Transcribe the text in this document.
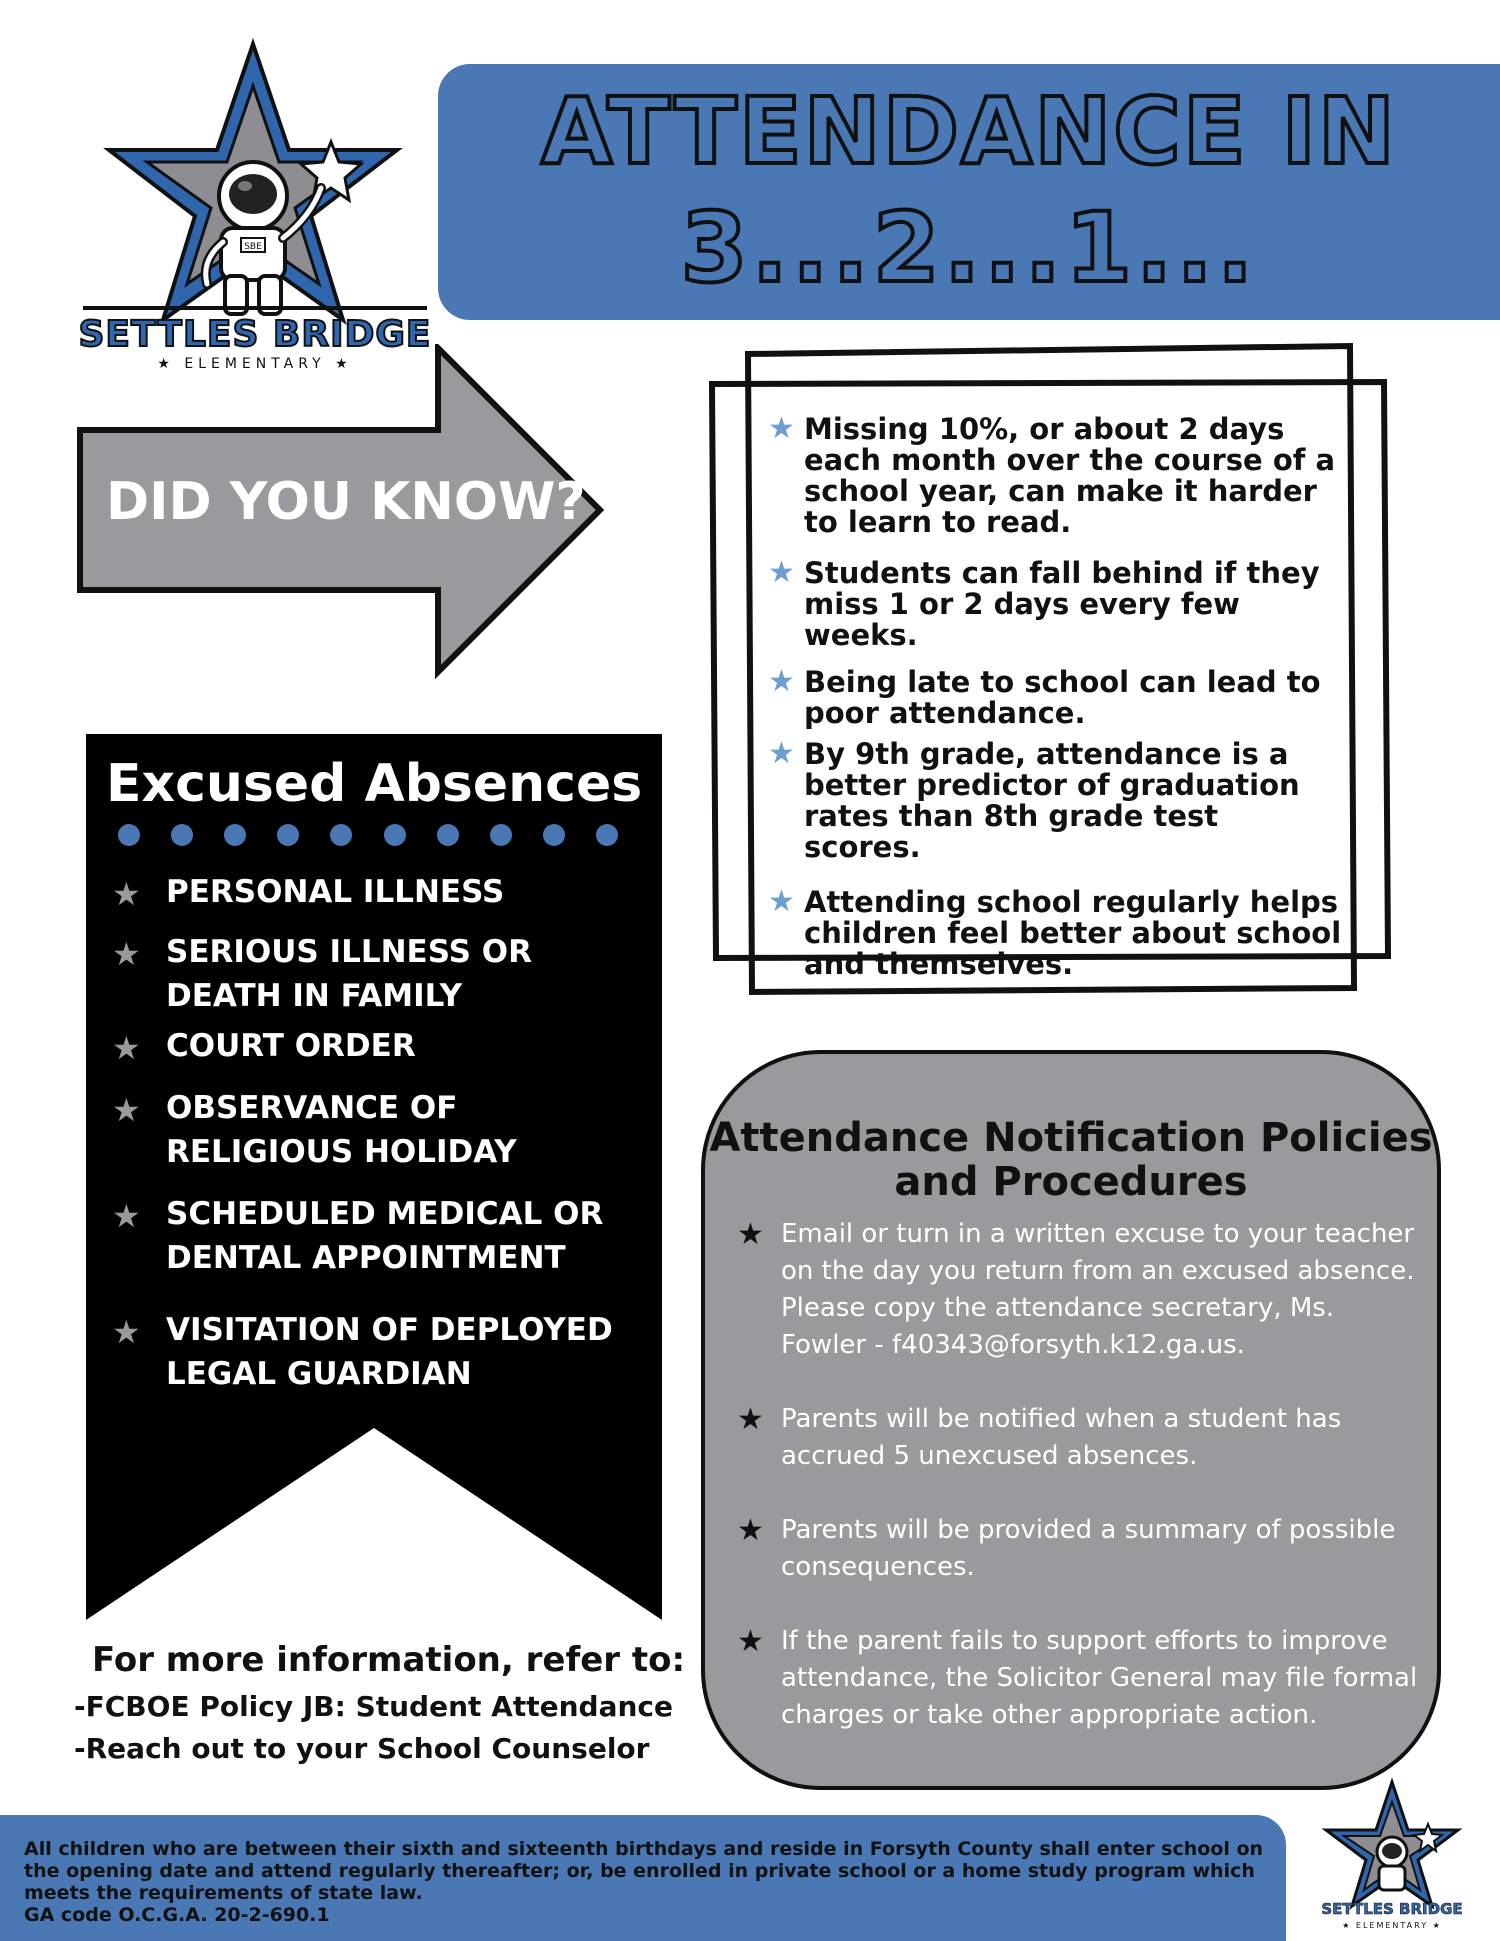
ATTENDANCE IN
3...2...1...
SBE
SETTLES BRIDGE
★ ELEMENTARY ★
DID YOU KNOW?
★ Missing 10%, or about 2 days each month over the course of a school year, can make it harder to learn to read.
★ Students can fall behind if they miss 1 or 2 days every few weeks.
★ Being late to school can lead to poor attendance.
★ By 9th grade, attendance is a better predictor of graduation rates than 8th grade test scores.
★ Attending school regularly helps children feel better about school and themselves.
Excused Absences
★ PERSONAL ILLNESS
★ SERIOUS ILLNESS OR DEATH IN FAMILY
★ COURT ORDER
★ OBSERVANCE OF RELIGIOUS HOLIDAY
★ SCHEDULED MEDICAL OR DENTAL APPOINTMENT
★ VISITATION OF DEPLOYED LEGAL GUARDIAN
For more information, refer to:
-FCBOE Policy JB: Student Attendance
-Reach out to your School Counselor
Attendance Notification Policies and Procedures
★ Email or turn in a written excuse to your teacher on the day you return from an excused absence. Please copy the attendance secretary, Ms. Fowler - f40343@forsyth.k12.ga.us.
★ Parents will be notified when a student has accrued 5 unexcused absences.
★ Parents will be provided a summary of possible consequences.
★ If the parent fails to support efforts to improve attendance, the Solicitor General may file formal charges or take other appropriate action.
All children who are between their sixth and sixteenth birthdays and reside in Forsyth County shall enter school on the opening date and attend regularly thereafter; or, be enrolled in private school or a home study program which meets the requirements of state law.
GA code O.C.G.A. 20-2-690.1	SETTLES BRIDGE
★ ELEMENTARY ★
